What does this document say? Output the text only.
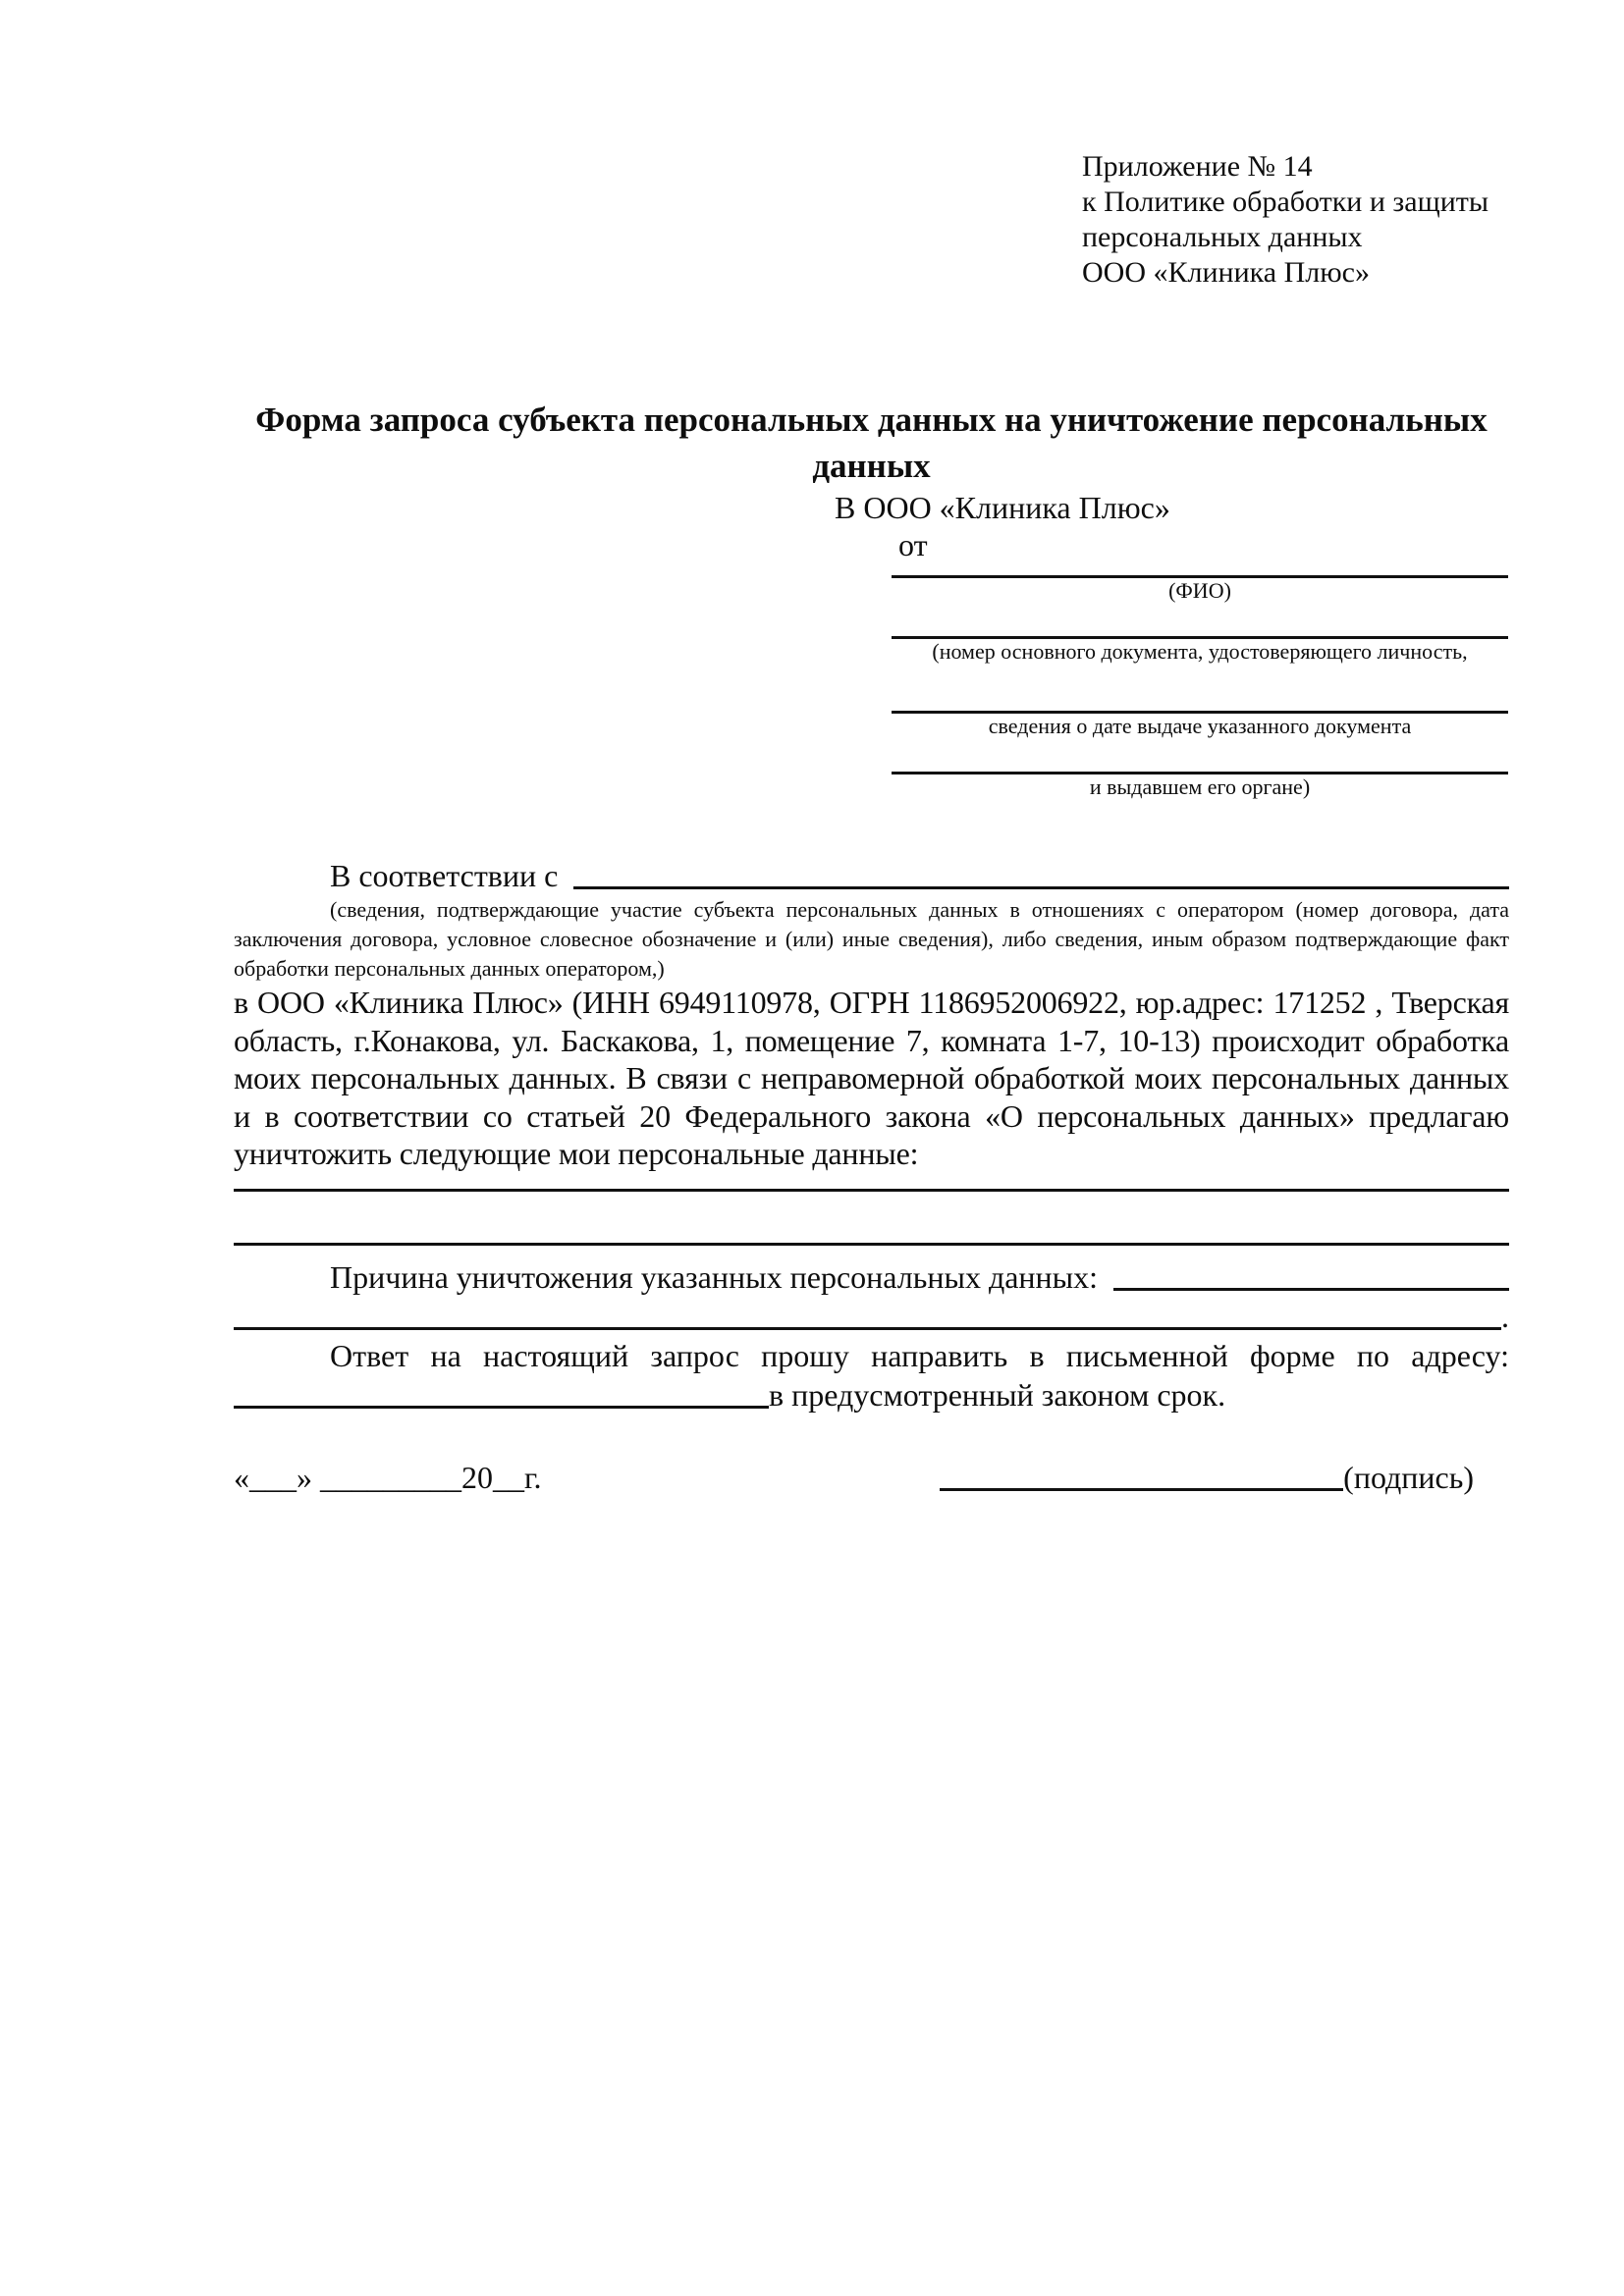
Приложение № 14
к Политике обработки и защиты
персональных данных
ООО «Клиника Плюс»
Форма запроса субъекта персональных данных на уничтожение персональных данных
В ООО «Клиника Плюс»
от
(ФИО)
(номер основного документа, удостоверяющего личность,
сведения о дате выдаче указанного документа
и выдавшем его органе)
В соответствии с

(сведения, подтверждающие участие субъекта персональных данных в отношениях с оператором (номер договора, дата заключения договора, условное словесное обозначение и (или) иные сведения), либо сведения, иным образом подтверждающие факт обработки персональных данных оператором,)

в ООО «Клиника Плюс» (ИНН 6949110978, ОГРН 1186952006922, юр.адрес: 171252 , Тверская область, г.Конакова, ул. Баскакова, 1, помещение 7, комната 1-7, 10-13) происходит обработка моих персональных данных. В связи с неправомерной обработкой моих персональных данных и в соответствии со статьей 20 Федерального закона «О персональных данных» предлагаю уничтожить следующие мои персональные данные:

Причина уничтожения указанных персональных данных:
.

Ответ на настоящий запрос прошу направить в письменной форме по адресу:

в предусмотренный законом срок.
«___» _________20__г.	(подпись)
